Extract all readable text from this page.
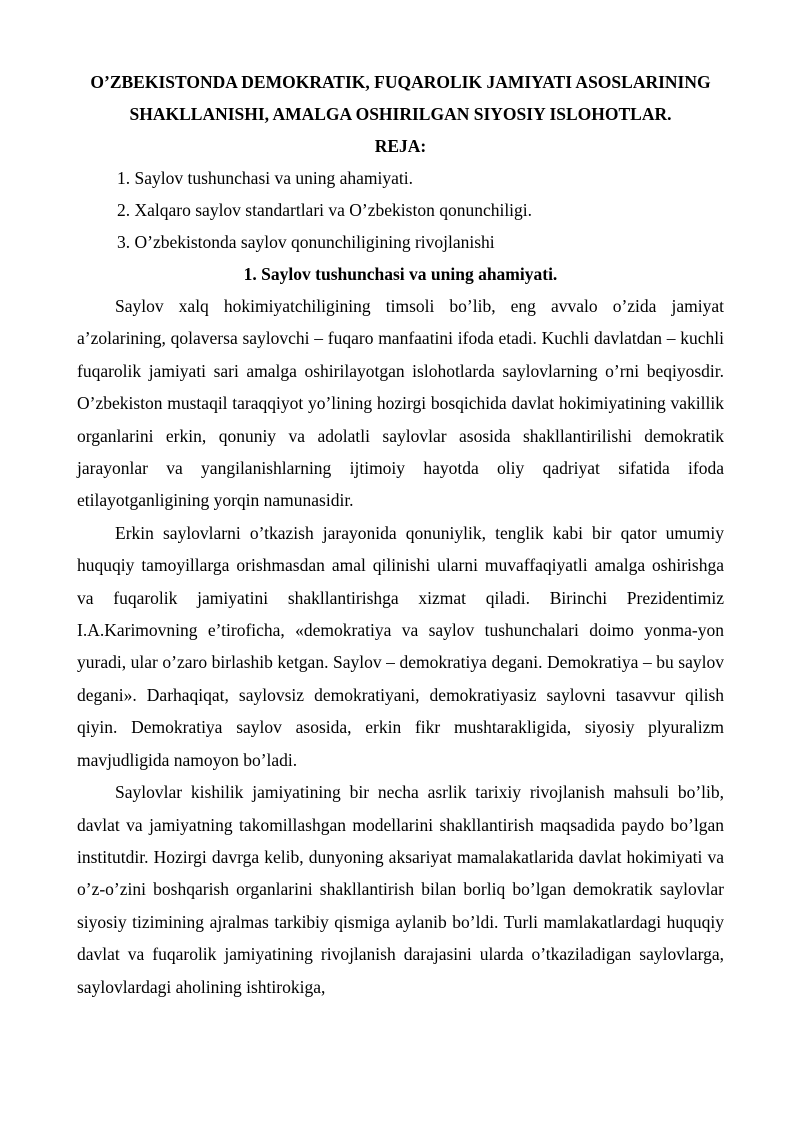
O’ZBEKISTONDA DEMOKRATIK, FUQAROLIK JAMIYATI ASOSLARINING SHAKLLANISHI, AMALGA OSHIRILGAN SIYOSIY ISLOHOTLAR.

REJA:

1. Saylov tushunchasi va uning ahamiyati.
2. Xalqaro saylov standartlari va O’zbekiston qonunchiligi.
3. O’zbekistonda saylov qonunchiligining rivojlanishi
1. Saylov tushunchasi va uning ahamiyati.

Saylov xalq hokimiyatchiligining timsoli bo’lib, eng avvalo o’zida jamiyat a’zolarining, qolaversa saylovchi – fuqaro manfaatini ifoda etadi. Kuchli davlatdan – kuchli fuqarolik jamiyati sari amalga oshirilayotgan islohotlarda saylovlarning o’rni beqiyosdir. O’zbekiston mustaqil taraqqiyot yo’lining hozirgi bosqichida davlat hokimiyatining vakillik organlarini erkin, qonuniy va adolatli saylovlar asosida shakllantirilishi demokratik jarayonlar va yangilanishlarning ijtimoiy hayotda oliy qadriyat sifatida ifoda etilayotganligining yorqin namunasidir.

Erkin saylovlarni o’tkazish jarayonida qonuniylik, tenglik kabi bir qator umumiy huquqiy tamoyillarga orishmasdan amal qilinishi ularni muvaffaqiyatli amalga oshirishga va fuqarolik jamiyatini shakllantirishga xizmat qiladi. Birinchi Prezidentimiz I.A.Karimovning e’tiroficha, «demokratiya va saylov tushunchalari doimo yonma-yon yuradi, ular o’zaro birlashib ketgan. Saylov – demokratiya degani. Demokratiya – bu saylov degani». Darhaqiqat, saylovsiz demokratiyani, demokratiyasiz saylovni tasavvur qilish qiyin. Demokratiya saylov asosida, erkin fikr mushtarakligida, siyosiy plyuralizm mavjudligida namoyon bo’ladi.

Saylovlar kishilik jamiyatining bir necha asrlik tarixiy rivojlanish mahsuli bo’lib, davlat va jamiyatning takomillashgan modellarini shakllantirish maqsadida paydo bo’lgan institutdir. Hozirgi davrga kelib, dunyoning aksariyat mamalakatlarida davlat hokimiyati va o’z-o’zini boshqarish organlarini shakllantirish bilan borliq bo’lgan demokratik saylovlar siyosiy tizimining ajralmas tarkibiy qismiga aylanib bo’ldi. Turli mamlakatlardagi huquqiy davlat va fuqarolik jamiyatining rivojlanish darajasini ularda o’tkaziladigan saylovlarga, saylovlardagi aholining ishtirokiga,
